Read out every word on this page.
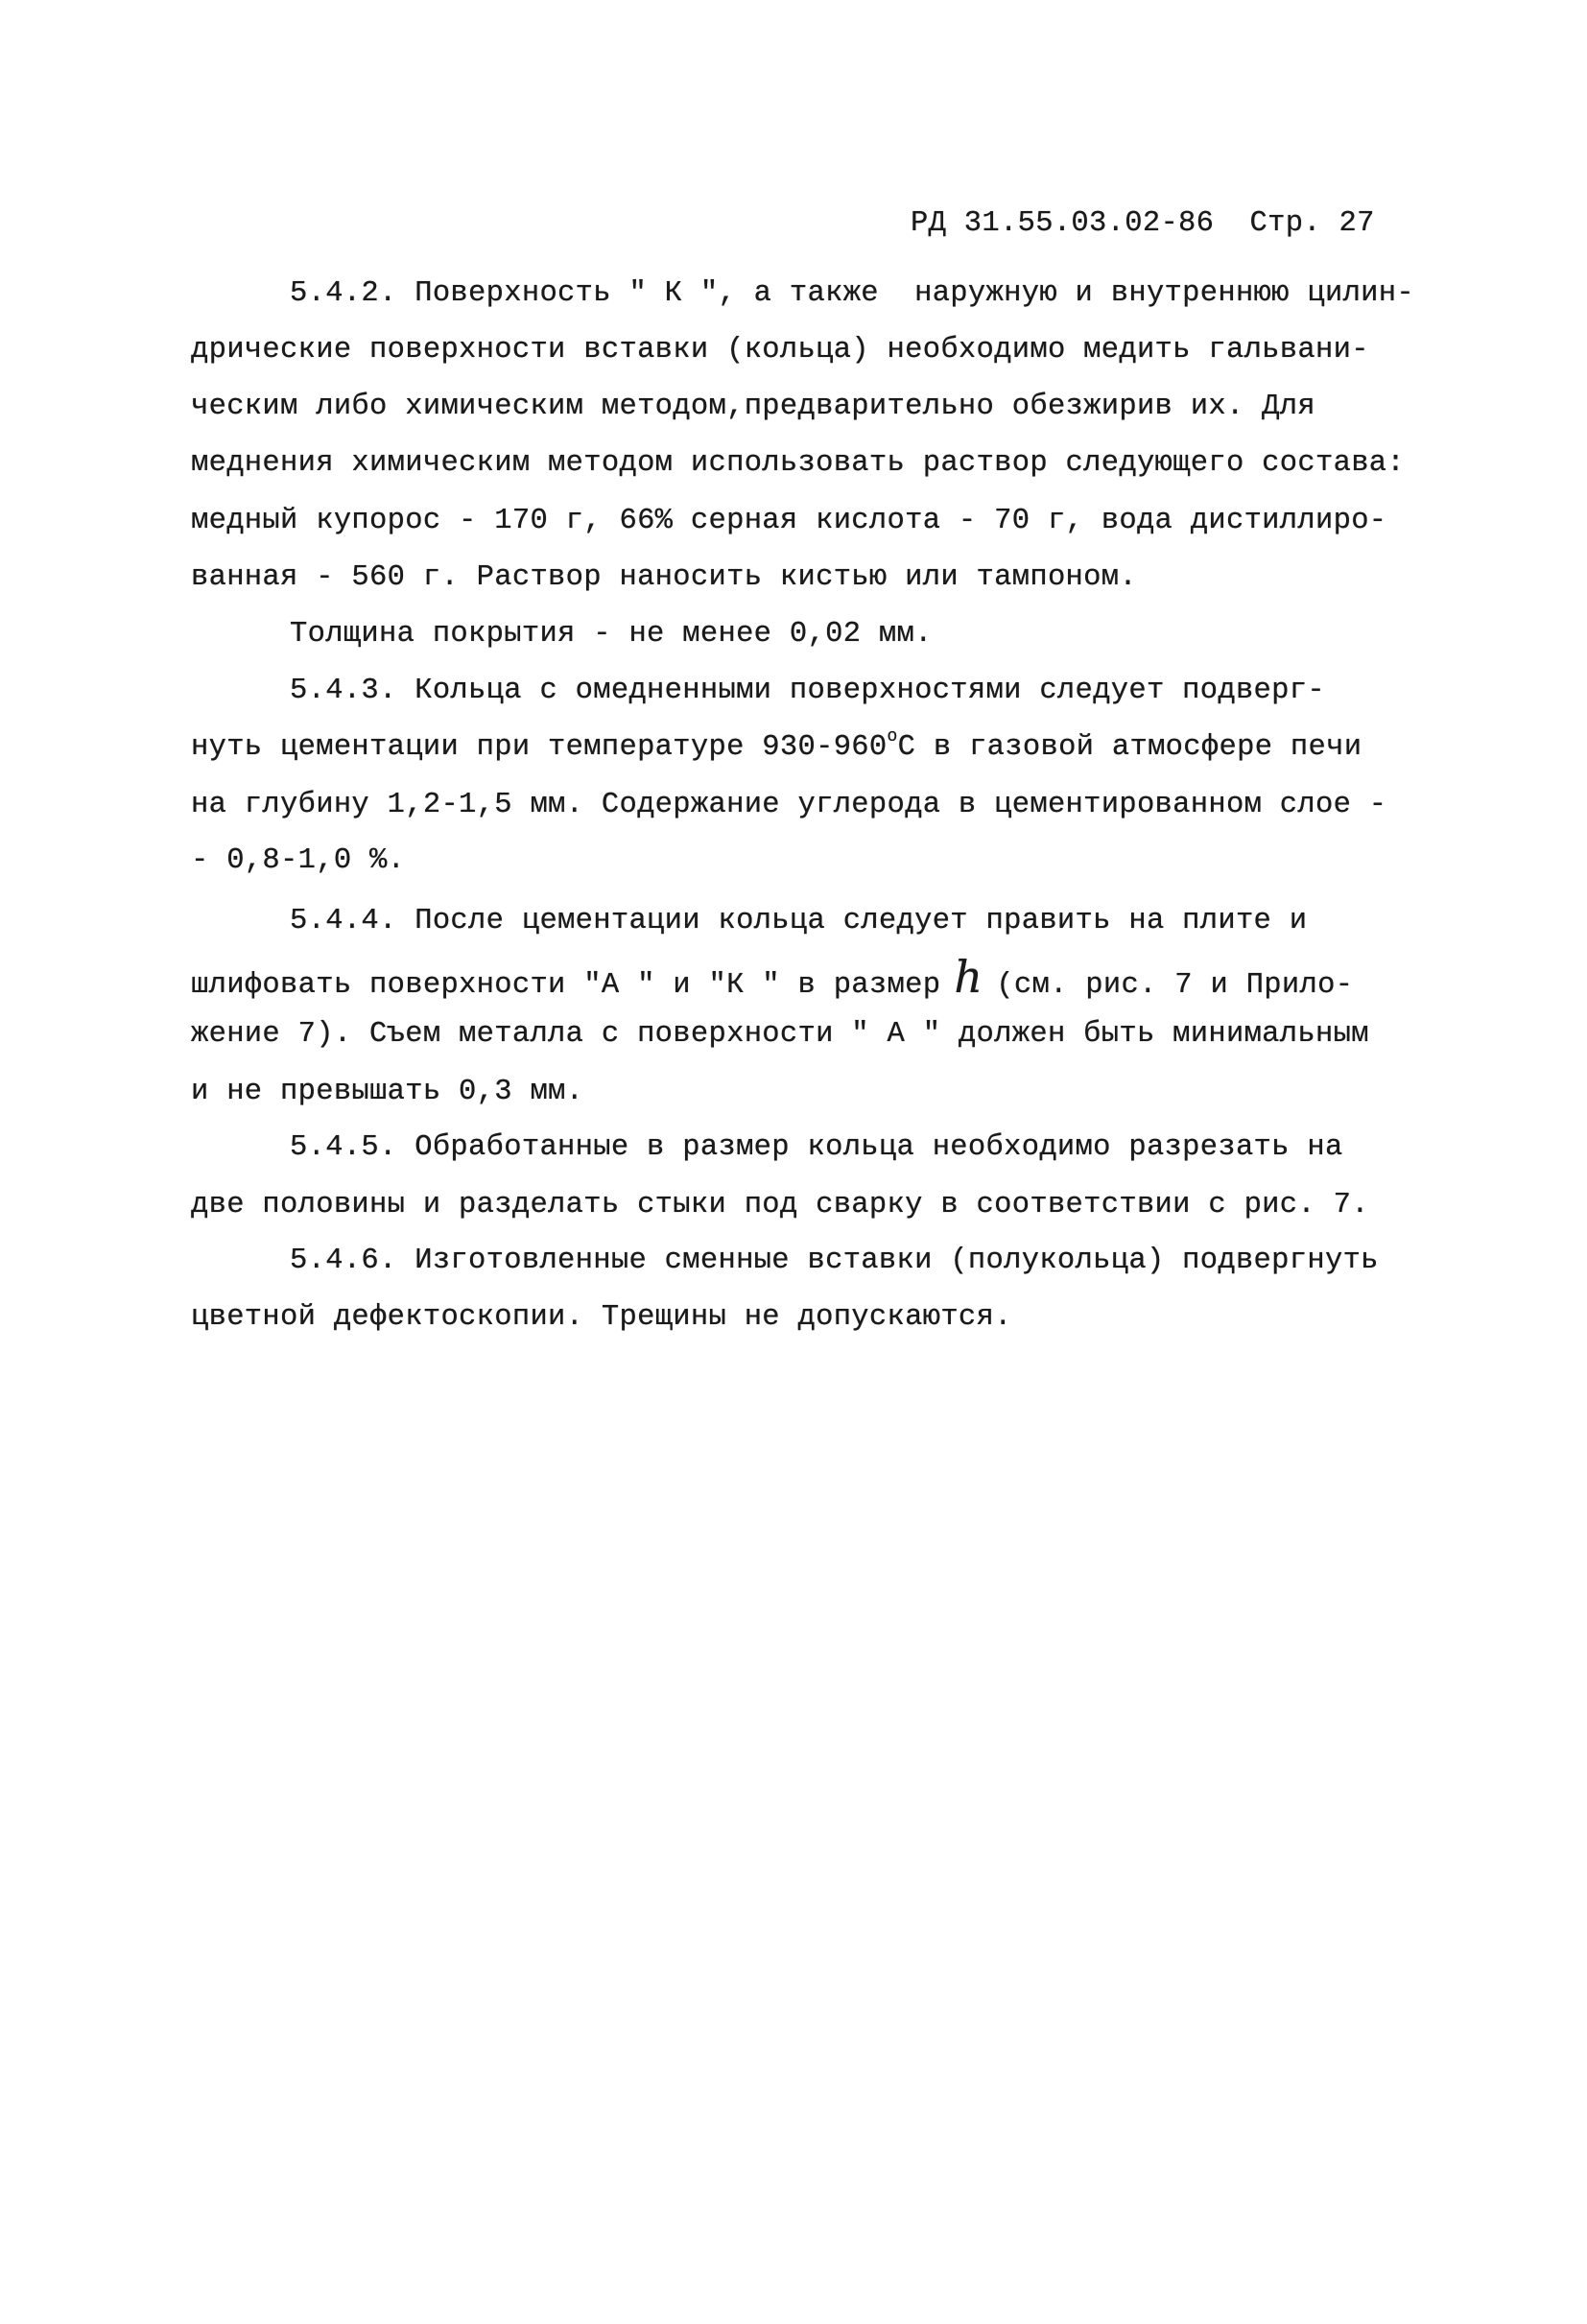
РД 31.55.03.02-86 Стр. 27
5.4.2. Поверхность " К ", а также  наружную и внутреннюю цилин-
дрические поверхности вставки (кольца) необходимо медить гальвани-
ческим либо химическим методом,предварительно обезжирив их. Для
меднения химическим методом использовать раствор следующего состава:
медный купорос - 170 г, 66% серная кислота - 70 г, вода дистиллиро-
ванная - 560 г. Раствор наносить кистью или тампоном.
Толщина покрытия - не менее 0,02 мм.
5.4.3. Кольца с омедненными поверхностями следует подверг-
нуть цементации при температуре $930-960^оС$ в газовой атмосфере печи
на глубину 1,2-1,5 мм. Содержание углерода в цементированном слое -
- 0,8-1,0 %.
5.4.4. После цементации кольца следует править на плите и
шлифовать поверхности "А " и "К " в размер h (см. рис. 7 и Прило-
жение 7). Съем металла с поверхности " А " должен быть минимальным
и не превышать 0,3 мм.
5.4.5. Обработанные в размер кольца необходимо разрезать на
две половины и разделать стыки под сварку в соответствии с рис. 7.
5.4.6. Изготовленные сменные вставки (полукольца) подвергнуть
цветной дефектоскопии. Трещины не допускаются.
